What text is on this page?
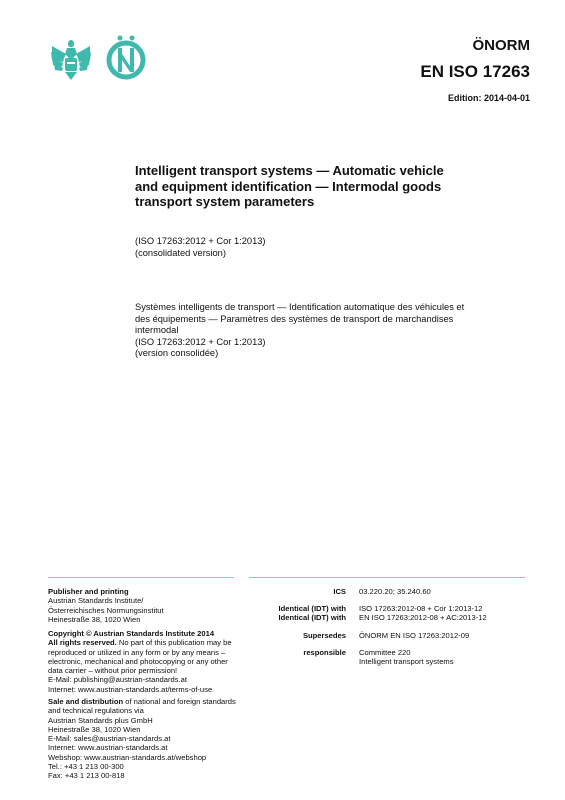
ÖNORM
EN ISO 17263
Edition: 2014-04-01
Intelligent transport systems — Automatic vehicle
and equipment identification — Intermodal goods
transport system parameters
(ISO 17263:2012 + Cor 1:2013)
(consolidated version)
Systèmes intelligents de transport — Identification automatique des véhicules et
des équipements — Paramètres des systèmes de transport de marchandises
intermodal
(ISO 17263:2012 + Cor 1:2013)
(version consolidée)
Publisher and printing
Austrian Standards Institute/
Österreichisches Normungsinstitut
Heinestraße 38, 1020 Wien
Copyright © Austrian Standards Institute 2014
All rights reserved. No part of this publication may be reproduced or utilized in any form or by any means – electronic, mechanical and photocopying or any other data carrier – without prior permission!
E-Mail: publishing@austrian-standards.at
Internet: www.austrian-standards.at/terms-of-use
Sale and distribution of national and foreign standards and technical regulations via
Austrian Standards plus GmbH
Heinestraße 38, 1020 Wien
E-Mail: sales@austrian-standards.at
Internet: www.austrian-standards.at
Webshop: www.austrian-standards.at/webshop
Tel.: +43 1 213 00-300
Fax: +43 1 213 00-818
ICS 03.220.20; 35.240.60
Identical (IDT) with ISO 17263:2012-08 + Cor 1:2013-12
Identical (IDT) with EN ISO 17263:2012-08 + AC:2013-12
Supersedes ÖNORM EN ISO 17263:2012-09
responsible Committee 220
Intelligent transport systems
